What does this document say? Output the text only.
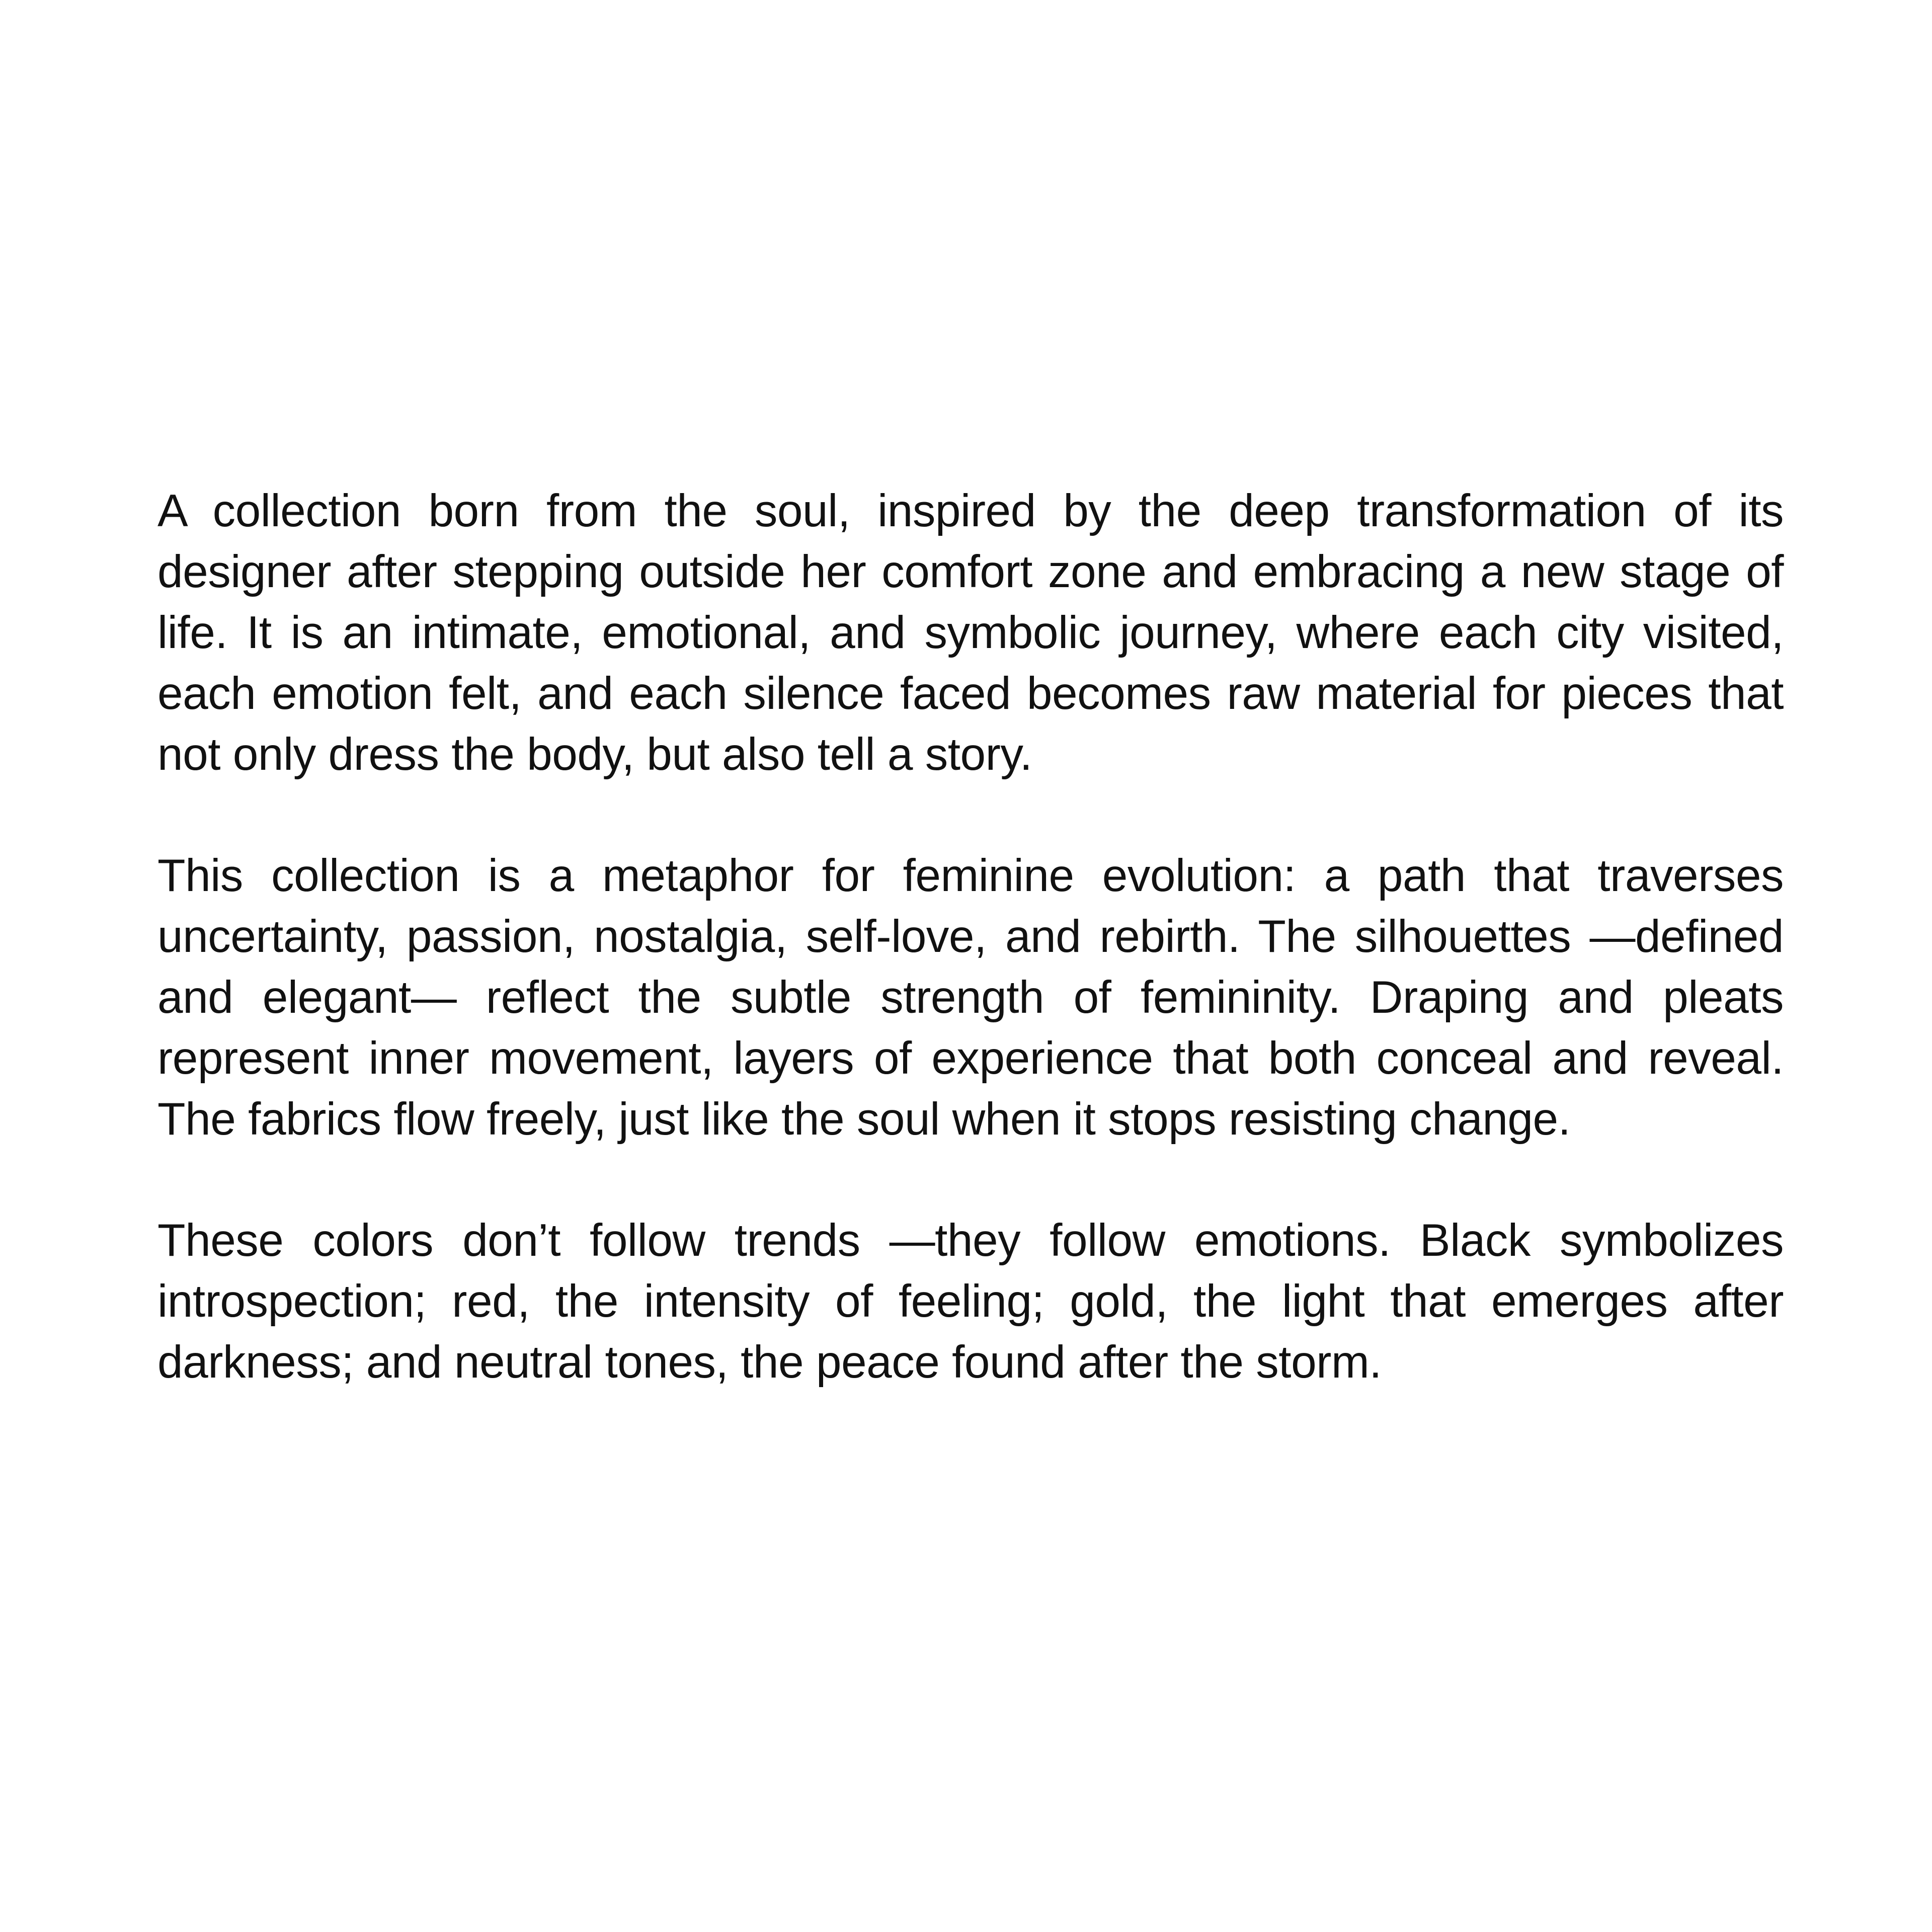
A collection born from the soul, inspired by the deep transformation of its designer after stepping outside her comfort zone and embracing a new stage of life. It is an intimate, emotional, and symbolic journey, where each city visited, each emotion felt, and each silence faced becomes raw material for pieces that not only dress the body, but also tell a story.

This collection is a metaphor for feminine evolution: a path that traverses uncertainty, passion, nostalgia, self-love, and rebirth. The silhouettes —defined and elegant— reflect the subtle strength of femininity. Draping and pleats represent inner movement, layers of experience that both conceal and reveal. The fabrics flow freely, just like the soul when it stops resisting change.

These colors don’t follow trends —they follow emotions. Black symbolizes introspection; red, the intensity of feeling; gold, the light that emerges after darkness; and neutral tones, the peace found after the storm.
